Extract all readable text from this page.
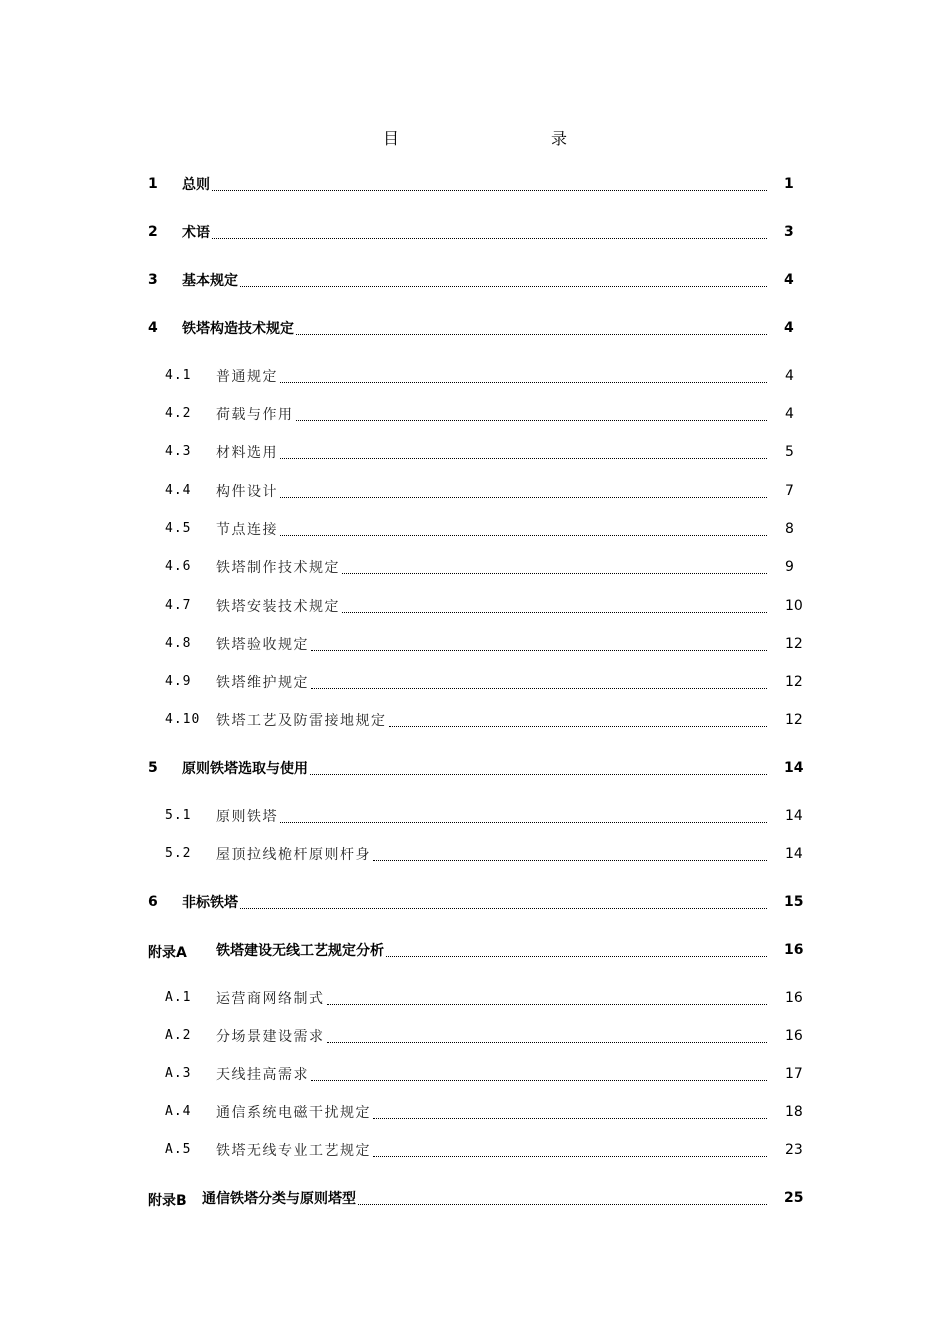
目　　录
1 总则	1
2 术语	3
3 基本规定	4
4 铁塔构造技术规定	4
4.1 普通规定	4
4.2 荷载与作用	4
4.3 材料选用	5
4.4 构件设计	7
4.5 节点连接	8
4.6 铁塔制作技术规定	9
4.7 铁塔安装技术规定	10
4.8 铁塔验收规定	12
4.9 铁塔维护规定	12
4.10 铁塔工艺及防雷接地规定	12
5 原则铁塔选取与使用	14
5.1 原则铁塔	14
5.2 屋顶拉线桅杆原则杆身	14
6 非标铁塔	15
附录A 铁塔建设无线工艺规定分析	16
A.1 运营商网络制式	16
A.2 分场景建设需求	16
A.3 天线挂高需求	17
A.4 通信系统电磁干扰规定	18
A.5 铁塔无线专业工艺规定	23
附录B 通信铁塔分类与原则塔型	25
